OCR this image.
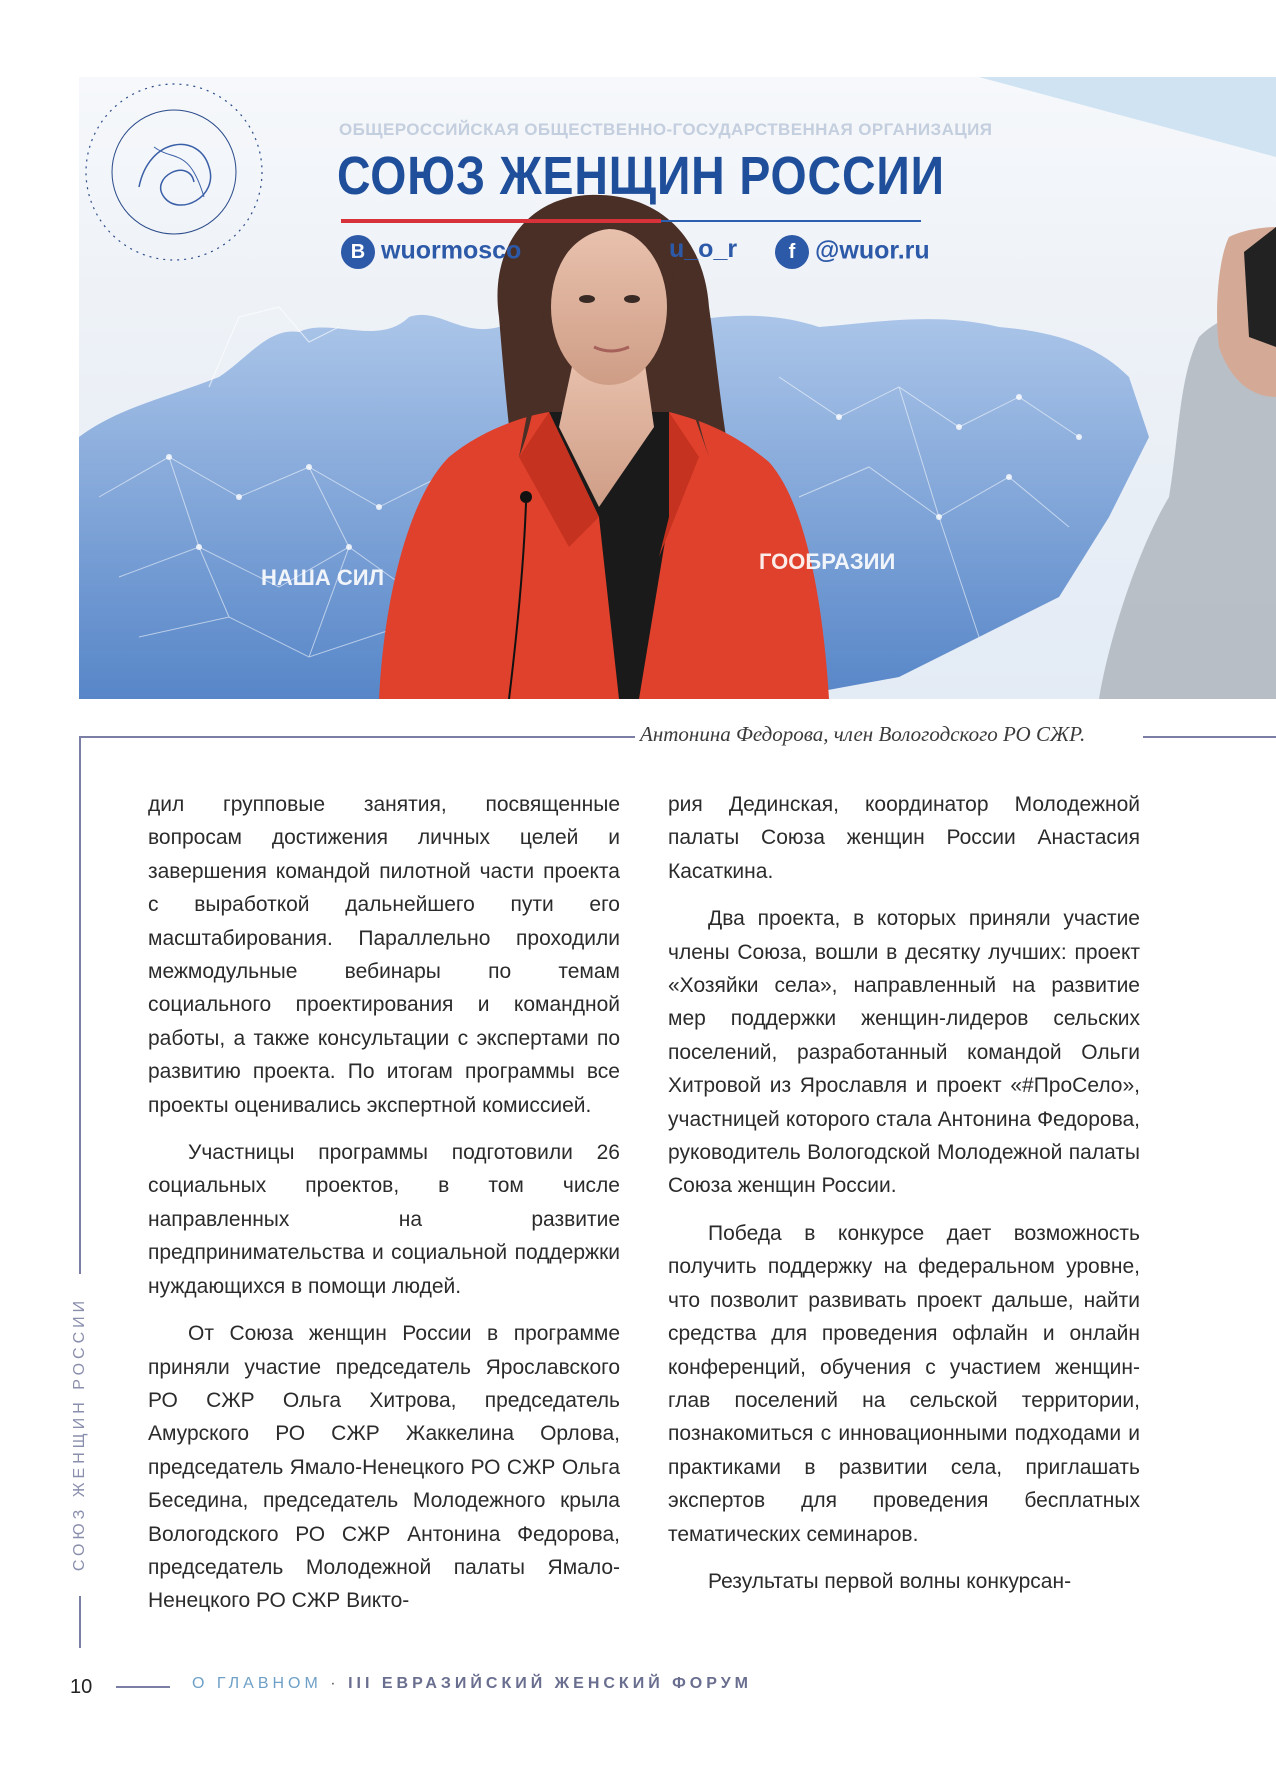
ОБЩЕРОССИЙСКАЯ ОБЩЕСТВЕННО-ГОСУДАРСТВЕННАЯ ОРГАНИЗАЦИЯ
СОЮЗ ЖЕНЩИН РОССИИ
В wuormosco	u_o_r	f @wuor.ru
НАША СИЛ
ГООБРАЗИИ
Антонина Федорова, член Вологодского РО СЖР.
СОЮЗ ЖЕНЩИН РОССИИ

дил групповые занятия, посвященные вопросам достижения личных целей и завершения командой пилотной части проекта с выработкой дальнейшего пути его масштабирования. Параллельно проходили межмодульные вебинары по темам социального проектирования и командной работы, а также консультации с экспертами по развитию проекта. По итогам программы все проекты оценивались экспертной комиссией.

Участницы программы подготовили 26 социальных проектов, в том числе направленных на развитие предпринимательства и социальной поддержки нуждающихся в помощи людей.

От Союза женщин России в программе приняли участие председатель Ярославского РО СЖР Ольга Хитрова, председатель Амурского РО СЖР Жаккелина Орлова, председатель Ямало-Ненецкого РО СЖР Ольга Беседина, председатель Молодежного крыла Вологодского РО СЖР Антонина Федорова, председатель Молодежной палаты Ямало-Ненецкого РО СЖР Викто-

рия Дединская, координатор Молодежной палаты Союза женщин России Анастасия Касаткина.

Два проекта, в которых приняли участие члены Союза, вошли в десятку лучших: проект «Хозяйки села», направленный на развитие мер поддержки женщин-лидеров сельских поселений, разработанный командой Ольги Хитровой из Ярославля и проект «#ПроСело», участницей которого стала Антонина Федорова, руководитель Вологодской Молодежной палаты Союза женщин России.

Победа в конкурсе дает возможность получить поддержку на федеральном уровне, что позволит развивать проект дальше, найти средства для проведения офлайн и онлайн конференций, обучения с участием женщин-глав поселений на сельской территории, познакомиться с инновационными подходами и практиками в развитии села, приглашать экспертов для проведения бесплатных тематических семинаров.

Результаты первой волны конкурсан-

10	О ГЛАВНОМ · III ЕВРАЗИЙСКИЙ ЖЕНСКИЙ ФОРУМ
